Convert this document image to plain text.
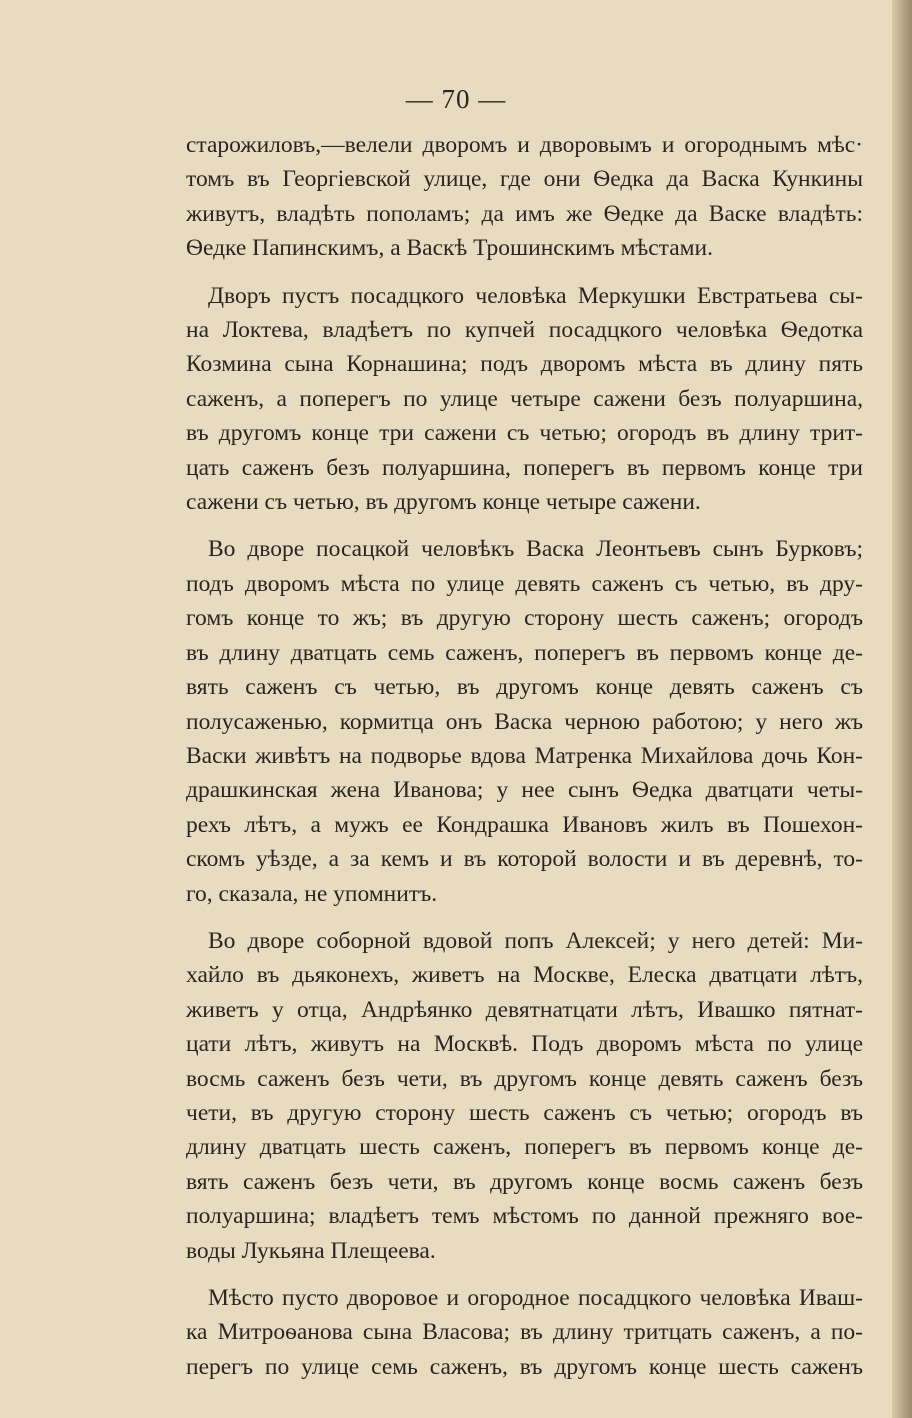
— 70 —

старожиловъ,—велели дворомъ и дворовымъ и огороднымъ мѣс·
томъ въ Георгіевской улице, где они Ѳедка да Васка Кункины
живутъ, владѣть пополамъ; да имъ же Ѳедке да Васке владѣть:
Ѳедке Папинскимъ, а Васкѣ Трошинскимъ мѣстами.

Дворъ пустъ посадцкого человѣка Меркушки Евстратьева сы-
на Локтева, владѣетъ по купчей посадцкого человѣка Ѳедотка
Козмина сына Корнашина; подъ дворомъ мѣста въ длину пять
саженъ, а поперегъ по улице четыре сажени безъ полуаршина,
въ другомъ конце три сажени съ четью; огородъ въ длину трит-
цать саженъ безъ полуаршина, поперегъ въ первомъ конце три
сажени съ четью, въ другомъ конце четыре сажени.

Во дворе посацкой человѣкъ Васка Леонтьевъ сынъ Бурковъ;
подъ дворомъ мѣста по улице девять саженъ съ четью, въ дру-
гомъ конце то жъ; въ другую сторону шесть саженъ; огородъ
въ длину дватцать семь саженъ, поперегъ въ первомъ конце де-
вять саженъ съ четью, въ другомъ конце девять саженъ съ
полусаженью, кормитца онъ Васка черною работою; у него жъ
Васки живѣтъ на подворье вдова Матренка Михайлова дочь Кон-
драшкинская жена Иванова; у нее сынъ Ѳедка дватцати четы-
рехъ лѣтъ, а мужъ ее Кондрашка Ивановъ жилъ въ Пошехон-
скомъ уѣзде, а за кемъ и въ которой волости и въ деревнѣ, то-
го, сказала, не упомнитъ.

Во дворе соборной вдовой попъ Алексей; у него детей: Ми-
хайло въ дьяконехъ, живетъ на Москве, Елеска дватцати лѣтъ,
живетъ у отца, Андрѣянко девятнатцати лѣтъ, Ивашко пятнат-
цати лѣтъ, живутъ на Москвѣ. Подъ дворомъ мѣста по улице
восмь саженъ безъ чети, въ другомъ конце девять саженъ безъ
чети, въ другую сторону шесть саженъ съ четью; огородъ въ
длину дватцать шесть саженъ, поперегъ въ первомъ конце де-
вять саженъ безъ чети, въ другомъ конце восмь саженъ безъ
полуаршина; владѣетъ темъ мѣстомъ по данной прежняго вое-
воды Лукьяна Плещеева.

Мѣсто пусто дворовое и огородное посадцкого человѣка Иваш-
ка Митроѳанова сына Власова; въ длину тритцать саженъ, а по-
перегъ по улице семь саженъ, въ другомъ конце шесть саженъ
